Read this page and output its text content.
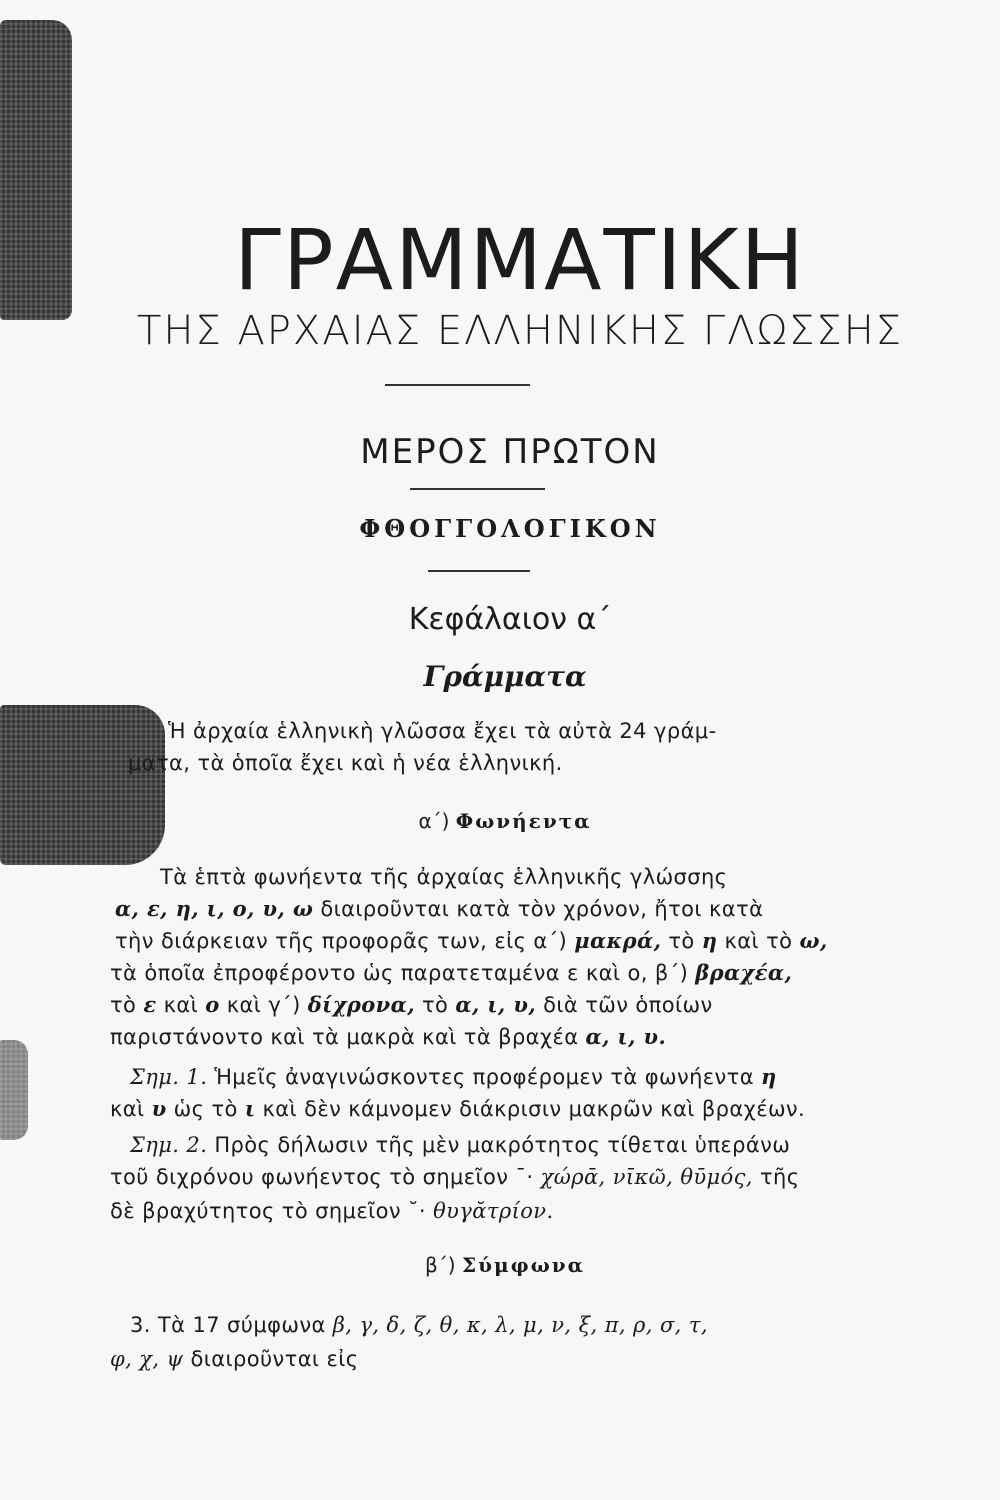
ΓΡΑΜΜΑΤΙΚΗ
ΤΗΣ ΑΡΧΑΙΑΣ ΕΛΛΗΝΙΚΗΣ ΓΛΩΣΣΗΣ
ΜΕΡΟΣ ΠΡΩΤΟΝ
ΦΘΟΓΓΟΛΟΓΙΚΟΝ
Κεφάλαιον α΄
Γράμματα
Ἡ ἀρχαία ἑλληνικὴ γλῶσσα ἔχει τὰ αὐτὰ 24 γράμ-
ματα, τὰ ὁποῖα ἔχει καὶ ἡ νέα ἑλληνική.
α΄) Φωνήεντα
Τὰ ἑπτὰ φωνήεντα τῆς ἀρχαίας ἑλληνικῆς γλώσσης
α, ε, η, ι, ο, υ, ω διαιροῦνται κατὰ τὸν χρόνον, ἤτοι κατὰ
τὴν διάρκειαν τῆς προφορᾶς των, εἰς α΄) μακρά, τὸ η καὶ τὸ ω,
τὰ ὁποῖα ἐπροφέροντο ὡς παρατεταμένα ε καὶ ο, β΄) βραχέα,
τὸ ε καὶ ο καὶ γ΄) δίχρονα, τὸ α, ι, υ, διὰ τῶν ὁποίων
παριστάνοντο καὶ τὰ μακρὰ καὶ τὰ βραχέα α, ι, υ.
Σημ. 1. Ἡμεῖς ἀναγινώσκοντες προφέρομεν τὰ φωνήεντα η
καὶ υ ὡς τὸ ι καὶ δὲν κάμνομεν διάκρισιν μακρῶν καὶ βραχέων.
Σημ. 2. Πρὸς δήλωσιν τῆς μὲν μακρότητος τίθεται ὑπεράνω
τοῦ διχρόνου φωνήεντος τὸ σημεῖον ¯· χώρᾱ, νῑκῶ, θῡμός, τῆς
δὲ βραχύτητος τὸ σημεῖον ˘· θυγᾰτρίον.
β΄) Σύμφωνα
3. Τὰ 17 σύμφωνα β, γ, δ, ζ, θ, κ, λ, μ, ν, ξ, π, ρ, σ, τ,
φ, χ, ψ διαιροῦνται εἰς
